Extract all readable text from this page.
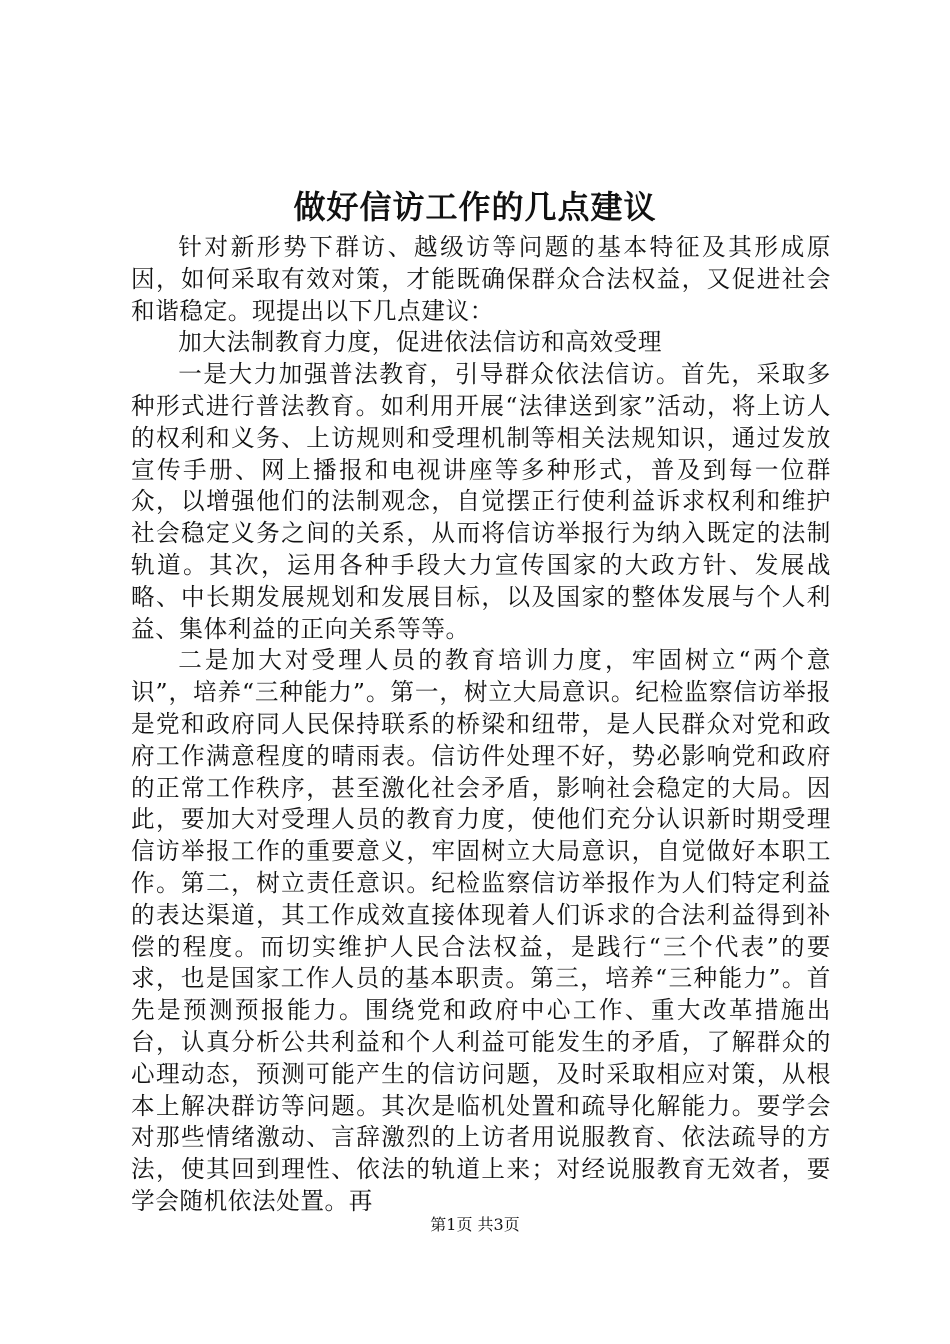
做好信访工作的几点建议

针对新形势下群访、越级访等问题的基本特征及其形成原因，如何采取有效对策，才能既确保群众合法权益，又促进社会和谐稳定。现提出以下几点建议：

加大法制教育力度，促进依法信访和高效受理

一是大力加强普法教育，引导群众依法信访。首先，采取多种形式进行普法教育。如利用开展“法律送到家”活动，将上访人的权利和义务、上访规则和受理机制等相关法规知识，通过发放宣传手册、网上播报和电视讲座等多种形式，普及到每一位群众，以增强他们的法制观念，自觉摆正行使利益诉求权利和维护社会稳定义务之间的关系，从而将信访举报行为纳入既定的法制轨道。其次，运用各种手段大力宣传国家的大政方针、发展战略、中长期发展规划和发展目标，以及国家的整体发展与个人利益、集体利益的正向关系等等。

二是加大对受理人员的教育培训力度，牢固树立“两个意识”，培养“三种能力”。第一，树立大局意识。纪检监察信访举报是党和政府同人民保持联系的桥梁和纽带，是人民群众对党和政府工作满意程度的晴雨表。信访件处理不好，势必影响党和政府的正常工作秩序，甚至激化社会矛盾，影响社会稳定的大局。因此，要加大对受理人员的教育力度，使他们充分认识新时期受理信访举报工作的重要意义，牢固树立大局意识，自觉做好本职工作。第二，树立责任意识。纪检监察信访举报作为人们特定利益的表达渠道，其工作成效直接体现着人们诉求的合法利益得到补偿的程度。而切实维护人民合法权益，是践行“三个代表”的要求，也是国家工作人员的基本职责。第三，培养“三种能力”。首先是预测预报能力。围绕党和政府中心工作、重大改革措施出台，认真分析公共利益和个人利益可能发生的矛盾，了解群众的心理动态，预测可能产生的信访问题，及时采取相应对策，从根本上解决群访等问题。其次是临机处置和疏导化解能力。要学会对那些情绪激动、言辞激烈的上访者用说服教育、依法疏导的方法，使其回到理性、依法的轨道上来；对经说服教育无效者，要学会随机依法处置。再

第1页 共3页
